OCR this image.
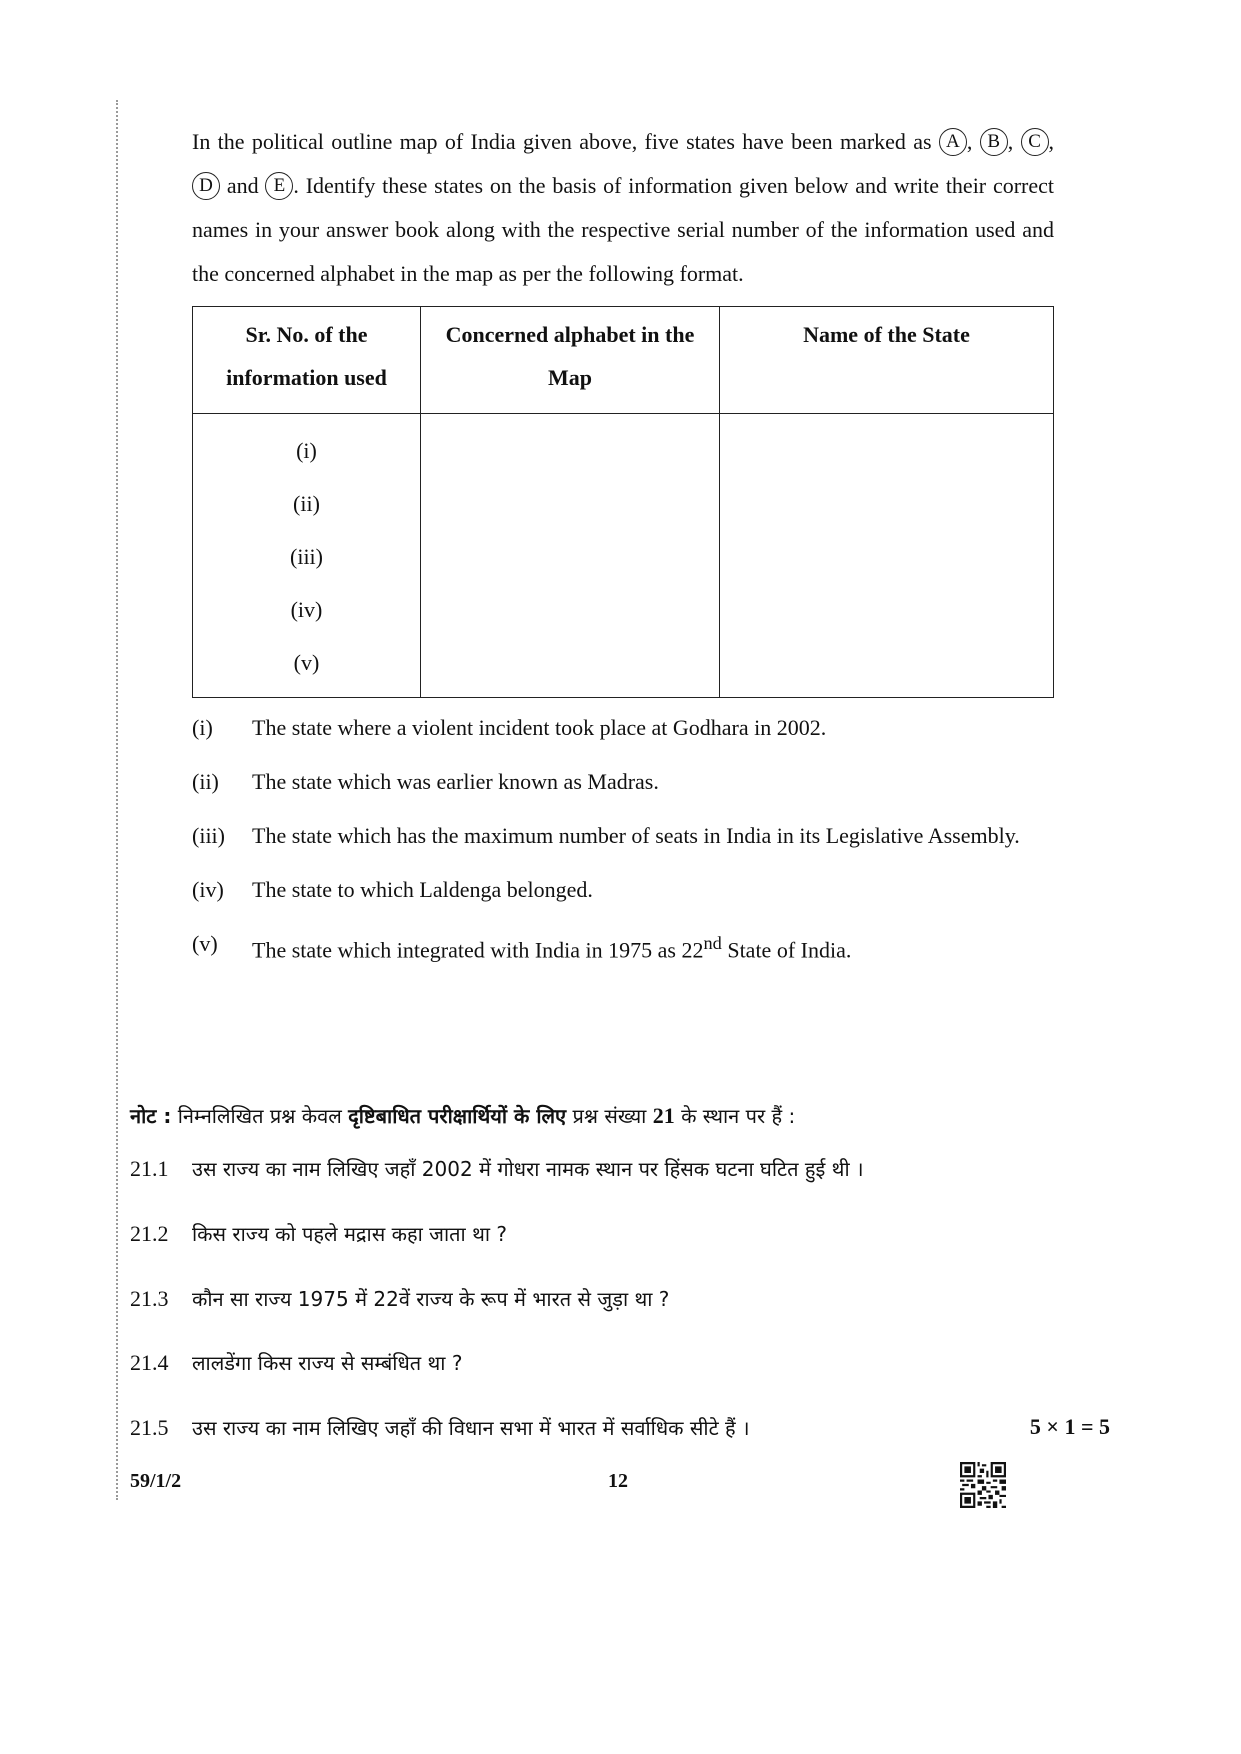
In the political outline map of India given above, five states have been marked as A , B , C , D and E . Identify these states on the basis of information given below and write their correct names in your answer book along with the respective serial number of the information used and the concerned alphabet in the map as per the following format.

Sr. No. of the information used	Concerned alphabet in the Map	Name of the State

(i)
(ii)
(iii)
(iv)
(v)		

(i)	The state where a violent incident took place at Godhara in 2002.
(ii)	The state which was earlier known as Madras.
(iii)	The state which has the maximum number of seats in India in its Legislative Assembly.
(iv)	The state to which Laldenga belonged.
(v)	The state which integrated with India in 1975 as 22nd State of India.
नोट : निम्नलिखित प्रश्न केवल दृष्टिबाधित परीक्षार्थियों के लिए प्रश्न संख्या 21 के स्थान पर हैं :
21.1	उस राज्य का नाम लिखिए जहाँ 2002 में गोधरा नामक स्थान पर हिंसक घटना घटित हुई थी ।
21.2	किस राज्य को पहले मद्रास कहा जाता था ?
21.3	कौन सा राज्य 1975 में 22वें राज्य के रूप में भारत से जुड़ा था ?
21.4	लालडेंगा किस राज्य से सम्बंधित था ?
21.5	उस राज्य का नाम लिखिए जहाँ की विधान सभा में भारत में सर्वाधिक सीटे हैं ।	5 × 1 = 5
59/1/2	12
